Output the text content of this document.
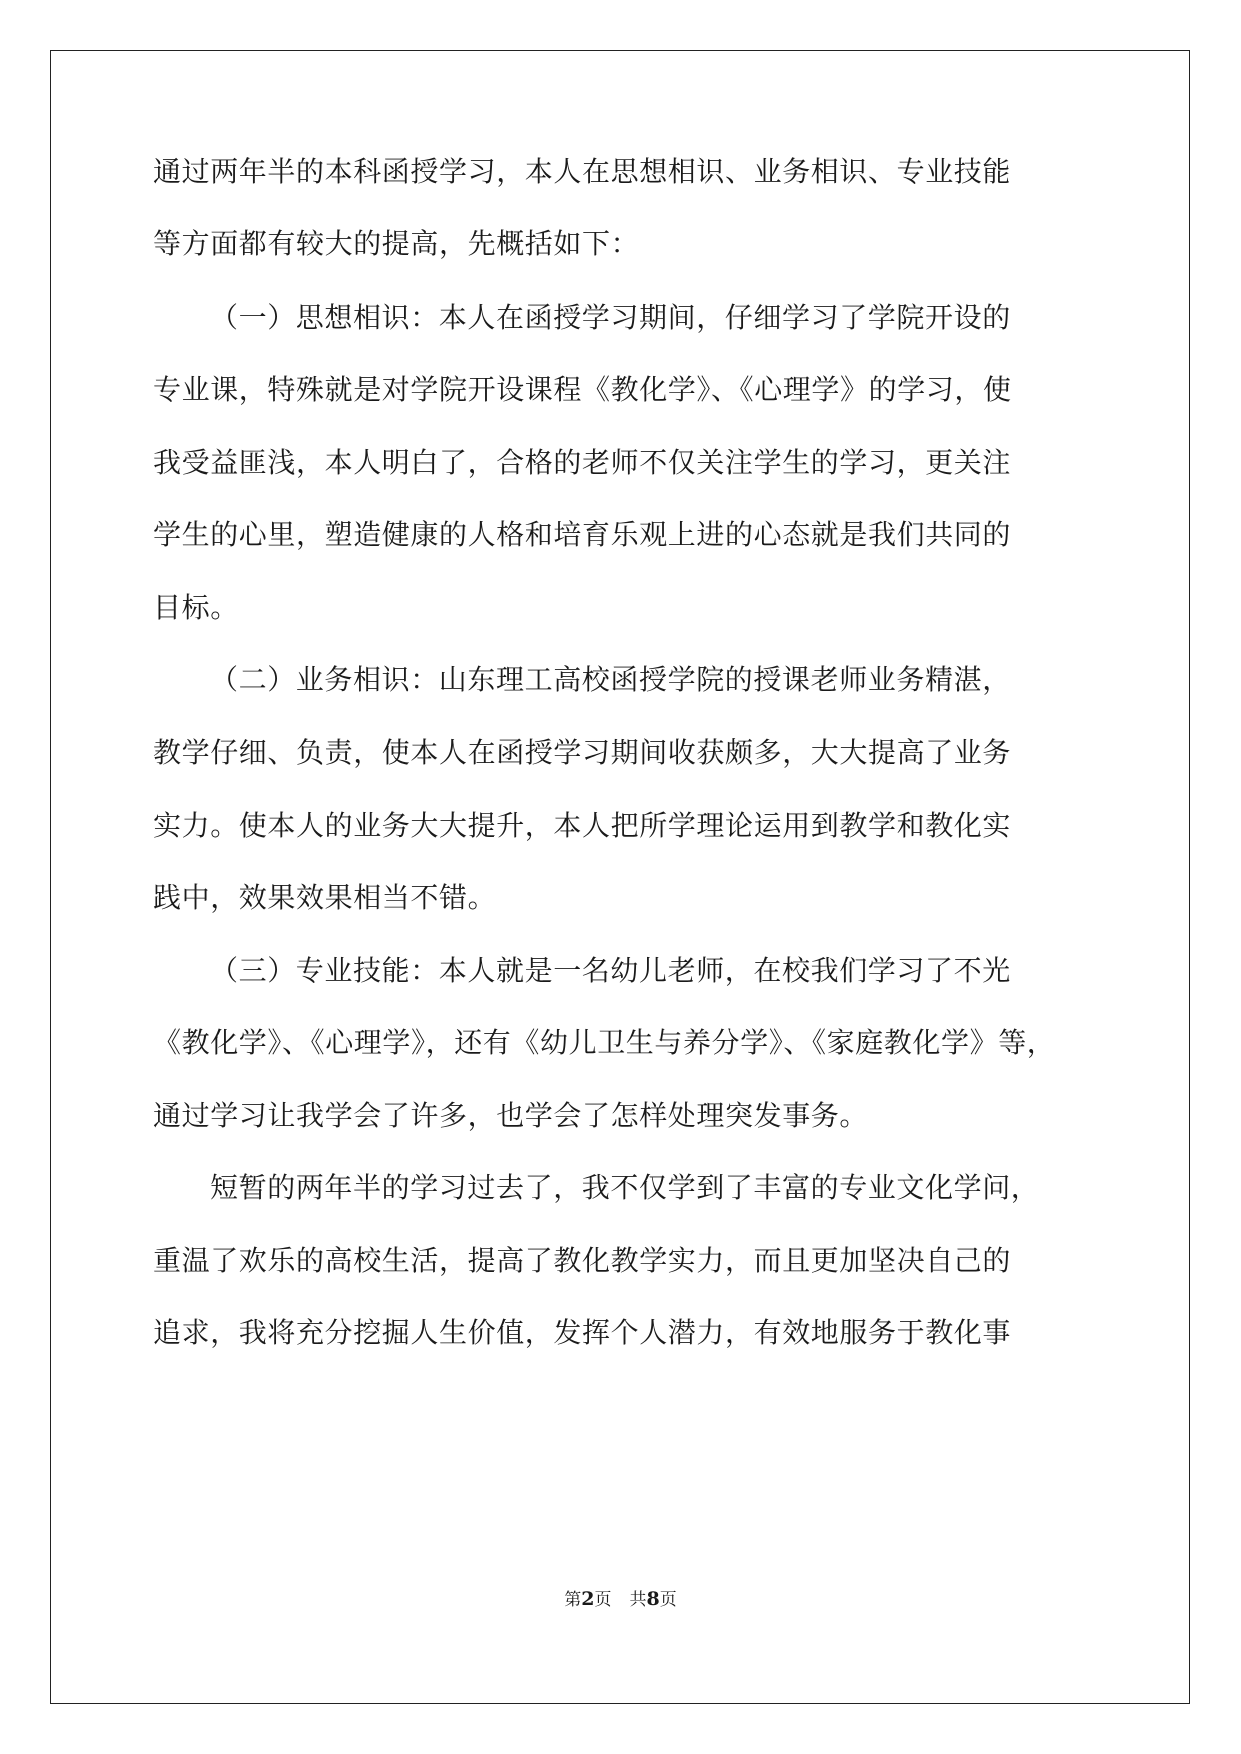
通过两年半的本科函授学习，本人在思想相识、业务相识、专业技能
等方面都有较大的提高，先概括如下：
（一）思想相识：本人在函授学习期间，仔细学习了学院开设的
专业课，特殊就是对学院开设课程《教化学》、《心理学》的学习，使
我受益匪浅，本人明白了，合格的老师不仅关注学生的学习，更关注
学生的心里，塑造健康的人格和培育乐观上进的心态就是我们共同的
目标。
（二）业务相识：山东理工高校函授学院的授课老师业务精湛，
教学仔细、负责，使本人在函授学习期间收获颇多，大大提高了业务
实力。使本人的业务大大提升，本人把所学理论运用到教学和教化实
践中，效果效果相当不错。
（三）专业技能：本人就是一名幼儿老师，在校我们学习了不光
《教化学》、《心理学》，还有《幼儿卫生与养分学》、《家庭教化学》等，
通过学习让我学会了许多，也学会了怎样处理突发事务。
短暂的两年半的学习过去了，我不仅学到了丰富的专业文化学问，
重温了欢乐的高校生活，提高了教化教学实力，而且更加坚决自己的
追求，我将充分挖掘人生价值，发挥个人潜力，有效地服务于教化事
第2页 共8页
